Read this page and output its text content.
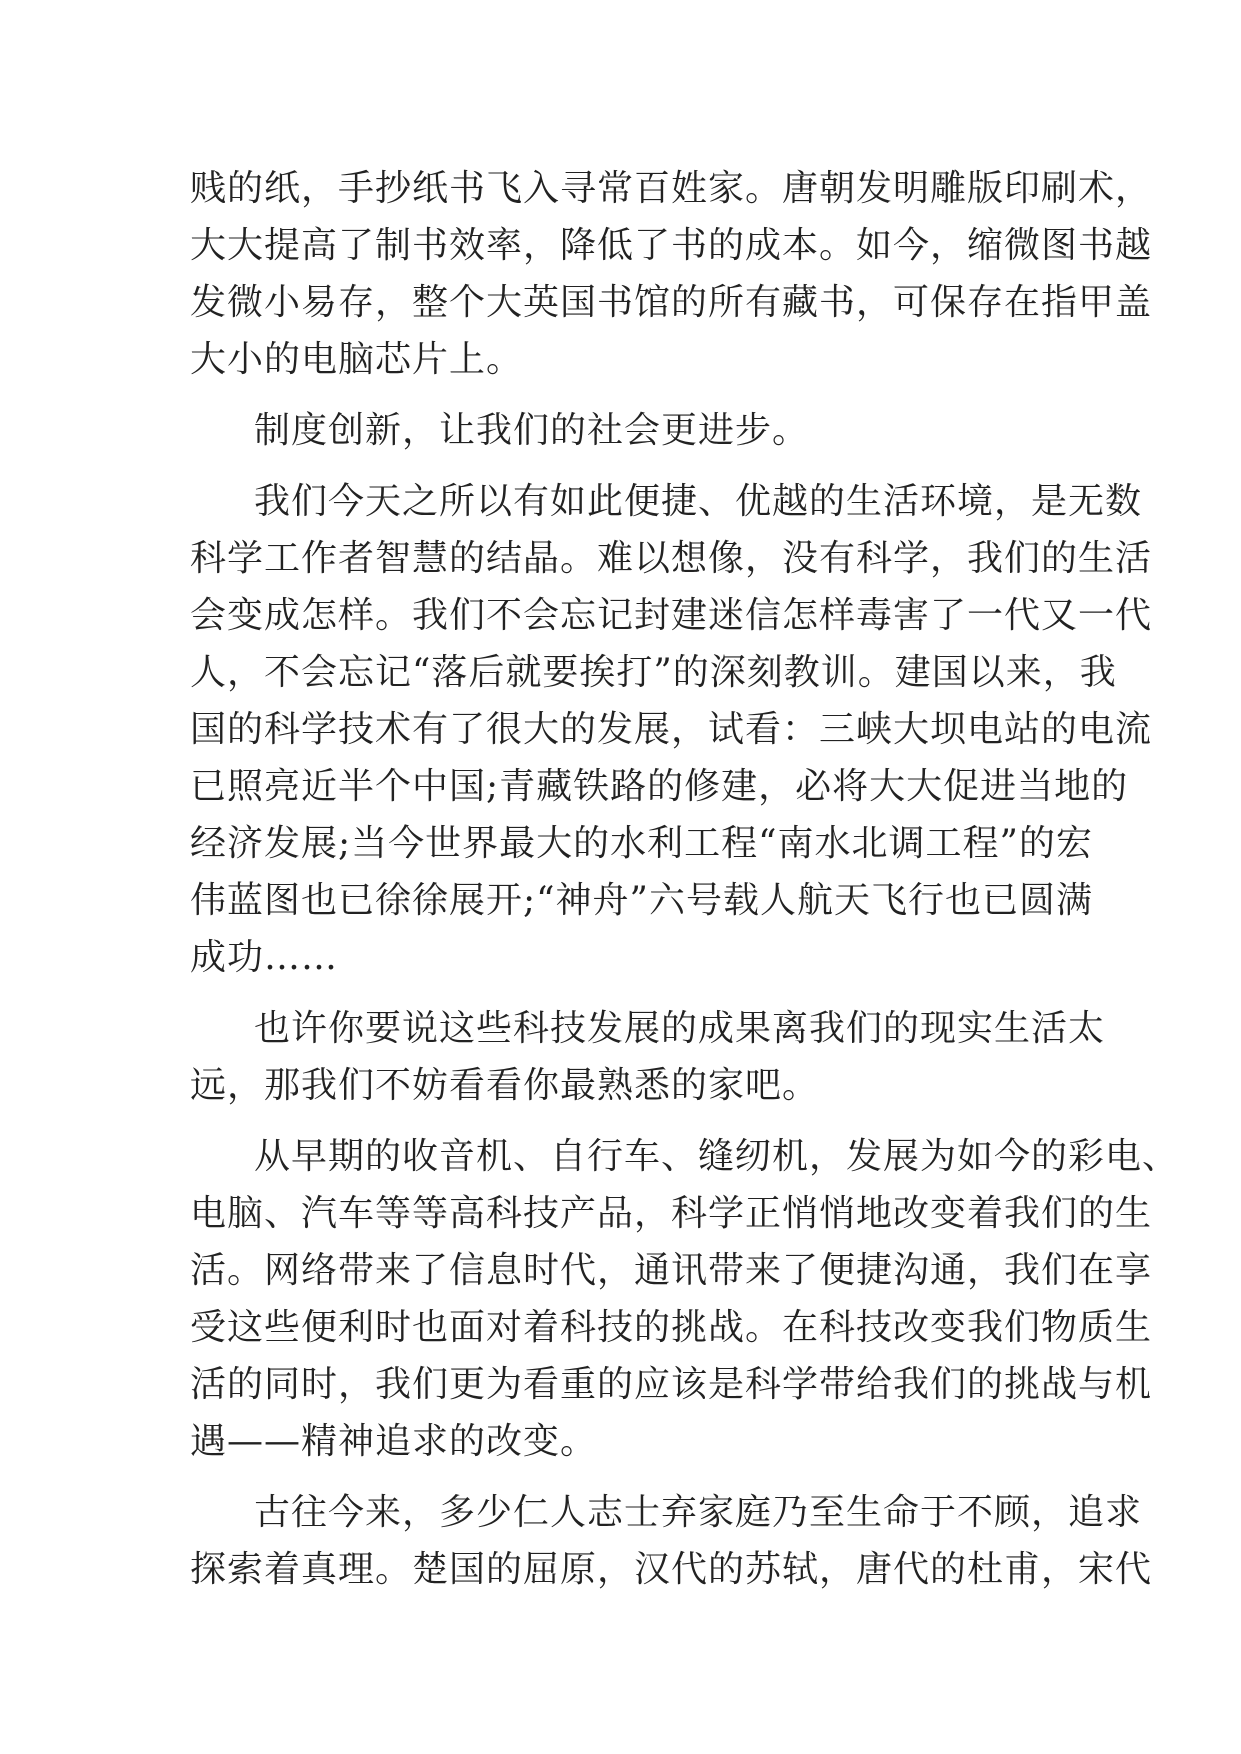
贱的纸，手抄纸书飞入寻常百姓家。唐朝发明雕版印刷术，
大大提高了制书效率，降低了书的成本。如今，缩微图书越
发微小易存，整个大英国书馆的所有藏书，可保存在指甲盖
大小的电脑芯片上。
制度创新，让我们的社会更进步。
我们今天之所以有如此便捷、优越的生活环境，是无数
科学工作者智慧的结晶。难以想像，没有科学，我们的生活
会变成怎样。我们不会忘记封建迷信怎样毒害了一代又一代
人，不会忘记“落后就要挨打”的深刻教训。建国以来，我
国的科学技术有了很大的发展，试看：三峡大坝电站的电流
已照亮近半个中国;青藏铁路的修建，必将大大促进当地的
经济发展;当今世界最大的水利工程“南水北调工程”的宏
伟蓝图也已徐徐展开;“神舟”六号载人航天飞行也已圆满
成功……
也许你要说这些科技发展的成果离我们的现实生活太
远，那我们不妨看看你最熟悉的家吧。
从早期的收音机、自行车、缝纫机，发展为如今的彩电、
电脑、汽车等等高科技产品，科学正悄悄地改变着我们的生
活。网络带来了信息时代，通讯带来了便捷沟通，我们在享
受这些便利时也面对着科技的挑战。在科技改变我们物质生
活的同时，我们更为看重的应该是科学带给我们的挑战与机
遇——精神追求的改变。
古往今来，多少仁人志士弃家庭乃至生命于不顾，追求
探索着真理。楚国的屈原，汉代的苏轼，唐代的杜甫，宋代
